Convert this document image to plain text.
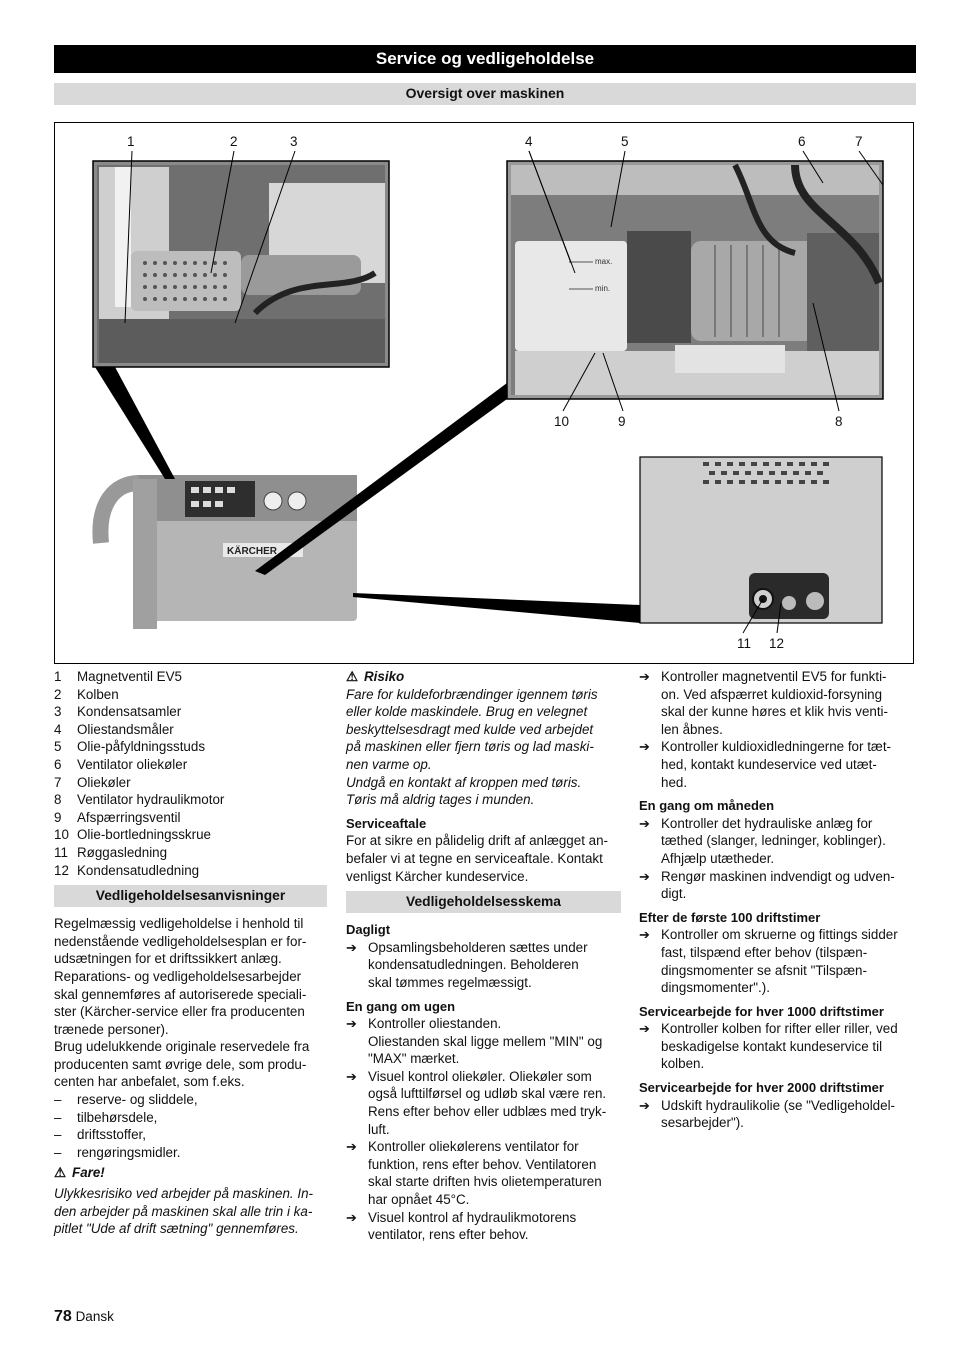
Service og vedligeholdelse
Oversigt over maskinen
max.
min.
KÄRCHER
1	2	3	4	5	6	7
10	9	8
11 12
1	Magnetventil EV5
2	Kolben
3	Kondensatsamler
4	Oliestandsmåler
5	Olie-påfyldningsstuds
6	Ventilator oliekøler
7	Oliekøler
8	Ventilator hydraulikmotor
9	Afspærringsventil
10 Olie-bortledningsskrue
11 Røggasledning
12 Kondensatudledning
Vedligeholdelsesanvisninger
Regelmæssig vedligeholdelse i henhold til
nedenstående vedligeholdelsesplan er for-
udsætningen for et driftssikkert anlæg.
Reparations- og vedligeholdelsesarbejder
skal gennemføres af autoriserede speciali-
ster (Kärcher-service eller fra producenten
trænede personer).
Brug udelukkende originale reservedele fra
producenten samt øvrige dele, som produ-
centen har anbefalet, som f.eks.
–	reserve- og sliddele,
–	tilbehørsdele,
–	driftsstoffer,
–	rengøringsmidler.
⚠ Fare!
Ulykkesrisiko ved arbejder på maskinen. In-
den arbejder på maskinen skal alle trin i ka-
pitlet "Ude af drift sætning" gennemføres.
⚠ Risiko
Fare for kuldeforbrændinger igennem tøris
eller kolde maskindele. Brug en velegnet
beskyttelsesdragt med kulde ved arbejdet
på maskinen eller fjern tøris og lad maski-
nen varme op.
Undgå en kontakt af kroppen med tøris.
Tøris må aldrig tages i munden.
Serviceaftale
For at sikre en pålidelig drift af anlægget an-
befaler vi at tegne en serviceaftale. Kontakt
venligst Kärcher kundeservice.
Vedligeholdelsesskema
Dagligt
➔ Opsamlingsbeholderen sættes under
kondensatudledningen. Beholderen
skal tømmes regelmæssigt.
En gang om ugen
➔ Kontroller oliestanden.
Oliestanden skal ligge mellem "MIN" og
"MAX" mærket.
➔ Visuel kontrol oliekøler. Oliekøler som
også lufttilførsel og udløb skal være ren.
Rens efter behov eller udblæs med tryk-
luft.
➔ Kontroller oliekølerens ventilator for
funktion, rens efter behov. Ventilatoren
skal starte driften hvis olietemperaturen
har opnået 45°C.
➔ Visuel kontrol af hydraulikmotorens
ventilator, rens efter behov.
➔ Kontroller magnetventil EV5 for funkti-
on. Ved afspærret kuldioxid-forsyning
skal der kunne høres et klik hvis venti-
len åbnes.
➔ Kontroller kuldioxidledningerne for tæt-
hed, kontakt kundeservice ved utæt-
hed.
En gang om måneden
➔ Kontroller det hydrauliske anlæg for
tæthed (slanger, ledninger, koblinger).
Afhjælp utætheder.
➔ Rengør maskinen indvendigt og udven-
digt.
Efter de første 100 driftstimer
➔ Kontroller om skruerne og fittings sidder
fast, tilspænd efter behov (tilspæn-
dingsmomenter se afsnit "Tilspæn-
dingsmomenter".).
Servicearbejde for hver 1000 driftstimer
➔ Kontroller kolben for rifter eller riller, ved
beskadigelse kontakt kundeservice til
kolben.
Servicearbejde for hver 2000 driftstimer
➔ Udskift hydraulikolie (se "Vedligeholdel-
sesarbejder").
78 Dansk
